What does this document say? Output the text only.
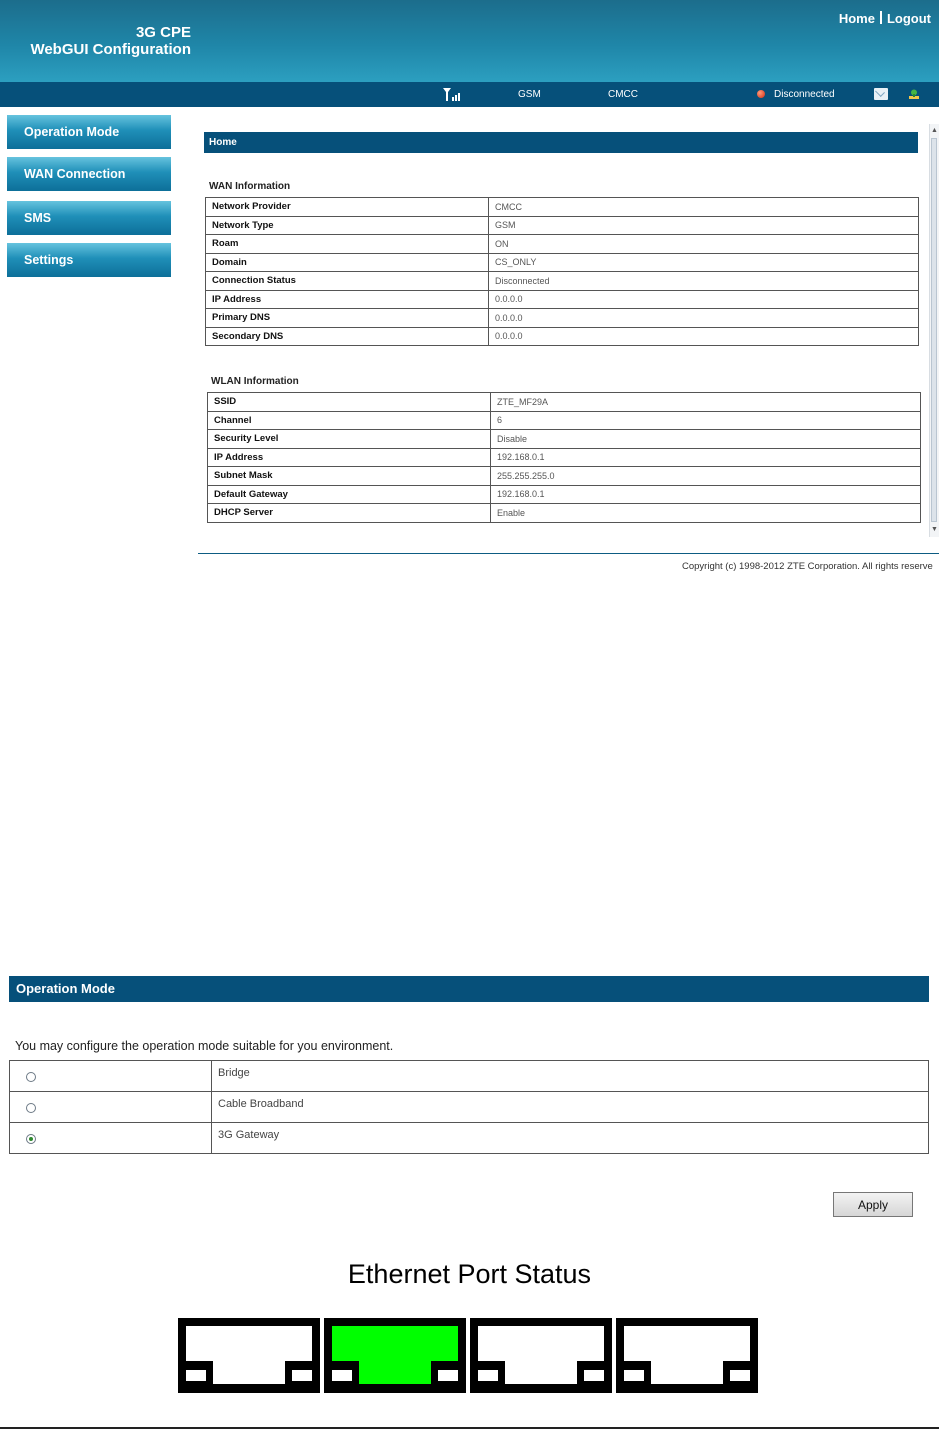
3G CPE
WebGUI Configuration
Home Logout
GSM	CMCC	Disconnected
Operation Mode
WAN Connection
SMS
Settings
Home
WAN Information
Network Provider	CMCC
Network Type	GSM
Roam	ON
Domain	CS_ONLY
Connection Status	Disconnected
IP Address	0.0.0.0
Primary DNS	0.0.0.0
Secondary DNS	0.0.0.0
WLAN Information
SSID	ZTE_MF29A
Channel	6
Security Level	Disable
IP Address	192.168.0.1
Subnet Mask	255.255.255.0
Default Gateway	192.168.0.1
DHCP Server	Enable
▲
▼
Copyright (c) 1998-2012 ZTE Corporation. All rights reserve
Operation Mode
You may configure the operation mode suitable for you environment.
	Bridge

	Cable Broadband

	3G Gateway
Apply
Ethernet Port Status
